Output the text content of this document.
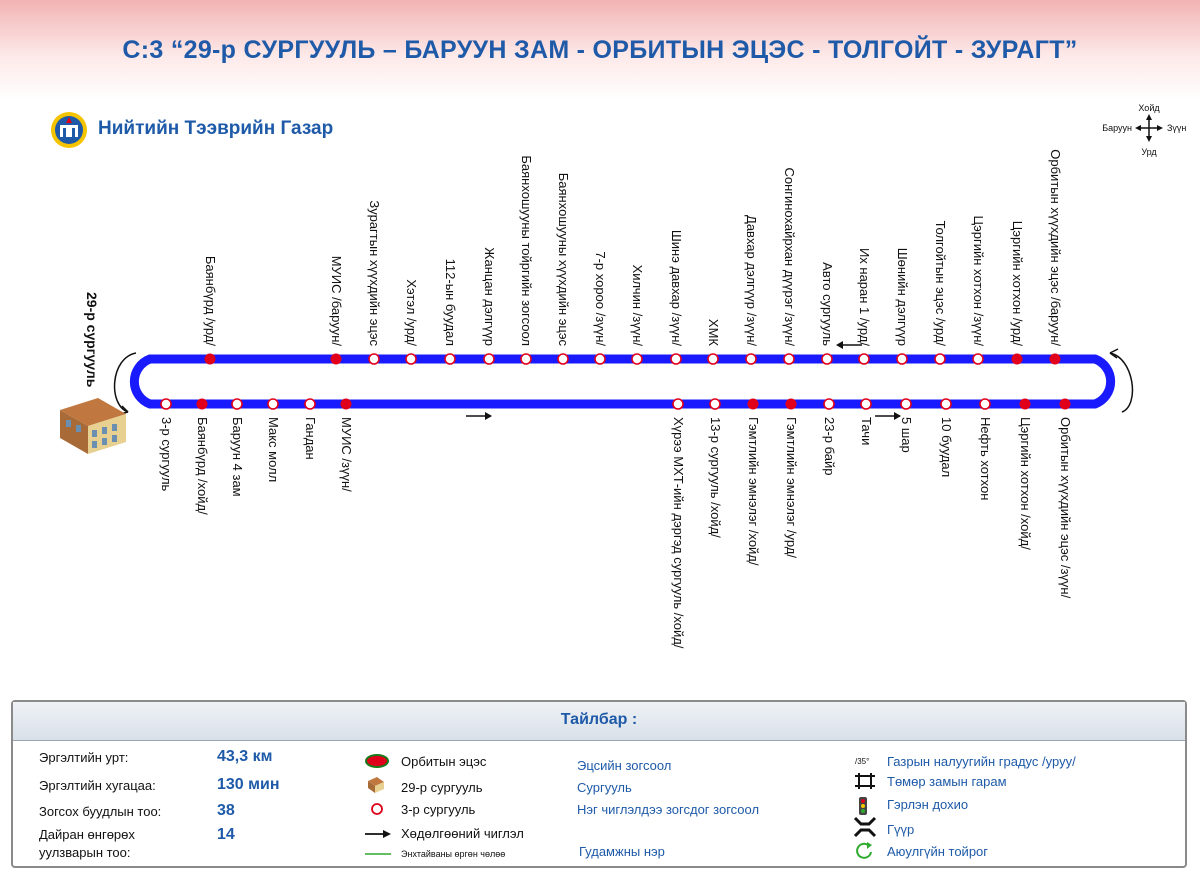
С:3 “29-р СУРГУУЛЬ – БАРУУН ЗАМ - ОРБИТЫН ЭЦЭС - ТОЛГОЙТ - ЗУРАГТ”
Нийтийн Тээврийн Газар
Хойд
Урд
Баруун	Зүүн
29-р сургууль	Баянбүрд /урд/	МУИС /баруун/ Зурагтын хүүхдийн эцэс Хэтэл /урд/ 112-ын буудал Жанцан дэлгүүр Баянхошууны тойргийн зогсоол Баянхошууны хүүхдийн эцэс 7-р хороо /зүүн/ Хилчин /зүүн/ Шинэ давхар /зүүн/ ХМК Давхар дэлгүүр /зүүн/ Сонгинохайрхан дүүрэг /зүүн/ Авто сургууль Их наран 1 /урд/ Шөнийн дэлгүүр Толгойтын эцэс /урд/ Цэргийн хотхон /зүүн/ Цэргийн хотхон /урд/ Орбитын хүүхдийн эцэс /баруун/
3-р сургууль Баянбүрд /хойд/ Баруун 4 зам Макс молл Гандан МУИС /зүүн/	Хүрээ МХТ-ийн дэргэд сургууль /хойд/ 13-р сургууль /хойд/ Гэмтлийн эмнэлэг /хойд/ Гэмтлийн эмнэлэг /урд/ 23-р байр Тачи 5 шар 10 буудал Нефть хотхон Цэргийн хотхон /хойд/ Орбитын хүүхдийн эцэс /зүүн/
Тайлбар :
Эргэлтийн урт:	43,3 км
Эргэлтийн хугацаа:	130 мин
Зогсох буудлын тоо:	38
Дайран өнгөрөх уулзварын тоо:
14
Орбитын эцэс
29-р сургууль
3-р сургууль
Хөдөлгөөний чиглэл
Энхтайваны өргөн чөлөө
Эцсийн зогсоол
Сургууль
Нэг чиглэлдээ зогсдог зогсоол
Гудамжны нэр
/35° Газрын налуугийн градус /уруу/
Төмөр замын гарам
Гэрлэн дохио
Гүүр
Аюулгүйн тойрог
